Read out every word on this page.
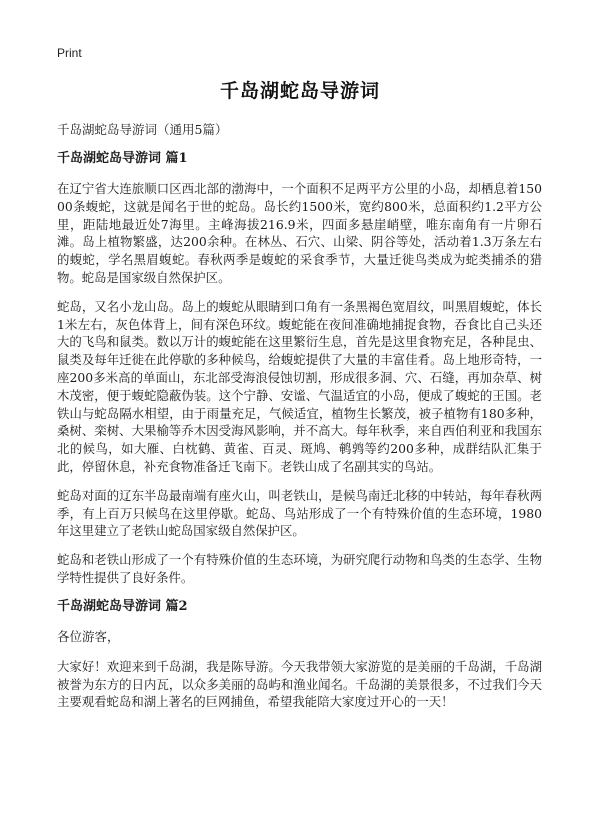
Print
千岛湖蛇岛导游词
千岛湖蛇岛导游词（通用5篇）
千岛湖蛇岛导游词 篇1

在辽宁省大连旅顺口区西北部的渤海中，一个面积不足两平方公里的小岛，却栖息着15000条蝮蛇，这就是闻名于世的蛇岛。岛长约1500米，宽约800米，总面积约1.2平方公里，距陆地最近处7海里。主峰海拔216.9米，四面多悬崖峭壁，唯东南角有一片卵石滩。岛上植物繁盛，达200余种。在林丛、石穴、山梁、阴谷等处，活动着1.3万条左右的蝮蛇，学名黑眉蝮蛇。春秋两季是蝮蛇的采食季节，大量迁徙鸟类成为蛇类捕杀的猎物。蛇岛是国家级自然保护区。

蛇岛，又名小龙山岛。岛上的蝮蛇从眼睛到口角有一条黑褐色宽眉纹，叫黑眉蝮蛇，体长1米左右，灰色体背上，间有深色环纹。蝮蛇能在夜间准确地捕捉食物，吞食比自己头还大的飞鸟和鼠类。数以万计的蝮蛇能在这里繁衍生息，首先是这里食物充足，各种昆虫、鼠类及每年迁徙在此停歇的多种候鸟，给蝮蛇提供了大量的丰富佳肴。岛上地形奇特，一座200多米高的单面山，东北部受海浪侵蚀切割，形成很多洞、穴、石缝，再加杂草、树木茂密，便于蝮蛇隐蔽伪装。这个宁静、安谧、气温适宜的小岛，便成了蝮蛇的王国。老铁山与蛇岛隔水相望，由于雨量充足，气候适宜，植物生长繁茂，被子植物有180多种，桑树、栾树、大果榆等乔木因受海风影响，并不高大。每年秋季，来自西伯利亚和我国东北的候鸟，如大雁、白枕鹤、黄雀、百灵、斑鸠、鹌鹑等约200多种，成群结队汇集于此，停留休息，补充食物准备迁飞南下。老铁山成了名副其实的鸟站。

蛇岛对面的辽东半岛最南端有座火山，叫老铁山，是候鸟南迁北移的中转站，每年春秋两季，有上百万只候鸟在这里停歇。蛇岛、鸟站形成了一个有特殊价值的生态环境，1980年这里建立了老铁山蛇岛国家级自然保护区。

蛇岛和老铁山形成了一个有特殊价值的生态环境，为研究爬行动物和鸟类的生态学、生物学特性提供了良好条件。

千岛湖蛇岛导游词 篇2

各位游客，

大家好！欢迎来到千岛湖，我是陈导游。今天我带领大家游览的是美丽的千岛湖，千岛湖被誉为东方的日内瓦，以众多美丽的岛屿和渔业闻名。千岛湖的美景很多，不过我们今天主要观看蛇岛和湖上著名的巨网捕鱼，希望我能陪大家度过开心的一天！
